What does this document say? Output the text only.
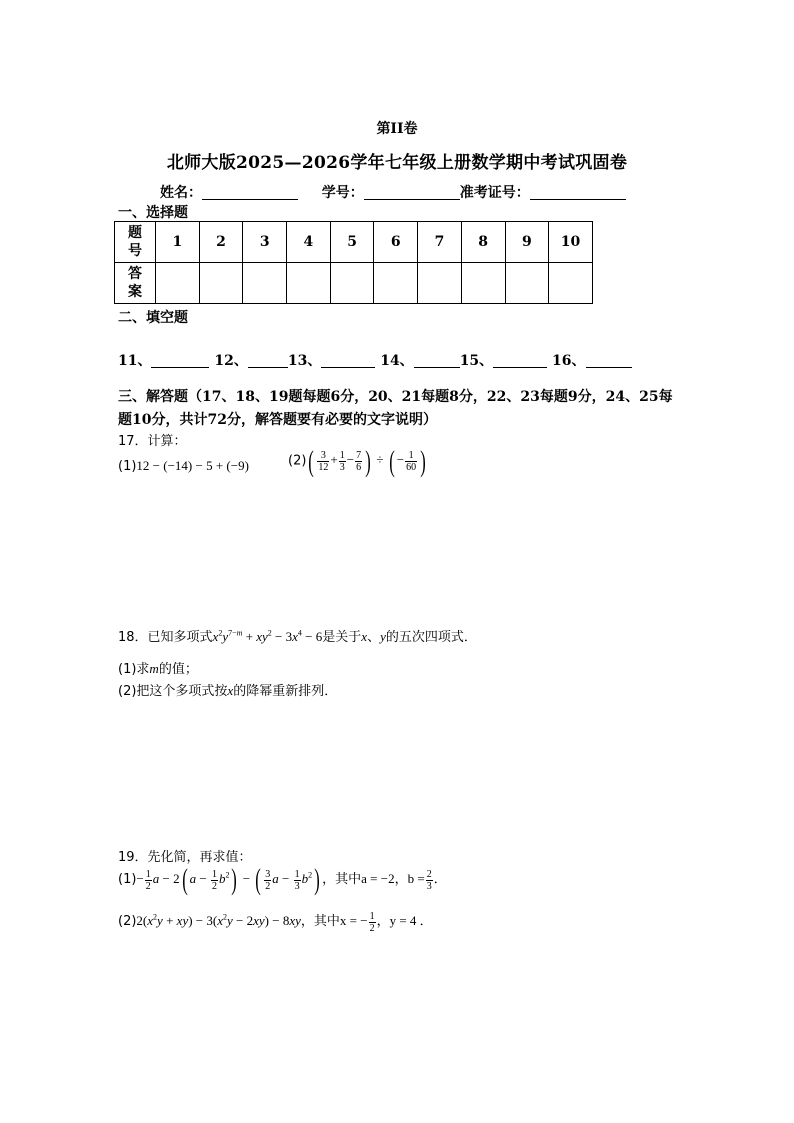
第II卷
北师大版2025—2026学年七年级上册数学期中考试巩固卷
姓名：	学号：	准考证号：
一、选择题
题号	1	2	3	4	5	6	7	8	9	10
答案										
二、填空题
11、	12、	13、	14、	15、	16、
三、解答题（17、18、19题每题6分，20、21每题8分，22、23每题9分，24、25每题10分，共计72分，解答题要有必要的文字说明）
17．计算：
(1)12 − (−14) − 5 + (−9)	$(2)( \frac{3}{12} + \frac{1}{3} - \frac{7}{6}$ ) ÷ ( − $\frac{1}{60}$ )
18．已知多项式$x^2y^{7-m} + xy^2 - 3x^4 - 6$是关于x、y的五次四项式．
(1)求m的值；
(2)把这个多项式按x的降幂重新排列．
19．先化简，再求值：
$(1)- \frac{1}{2}$ a − 2( $a - \frac{1}{2} b^2$) − ( $\frac{3}{2}$ $a - \frac{1}{3} b^2$) ，其中a = −2，$b = \frac{2}{3}$ ．
$(2)2(x^2y + xy) - 3(x^2y - 2xy) - 8xy$，其中x = − $\frac{1}{2}$ ，y = 4 ．
